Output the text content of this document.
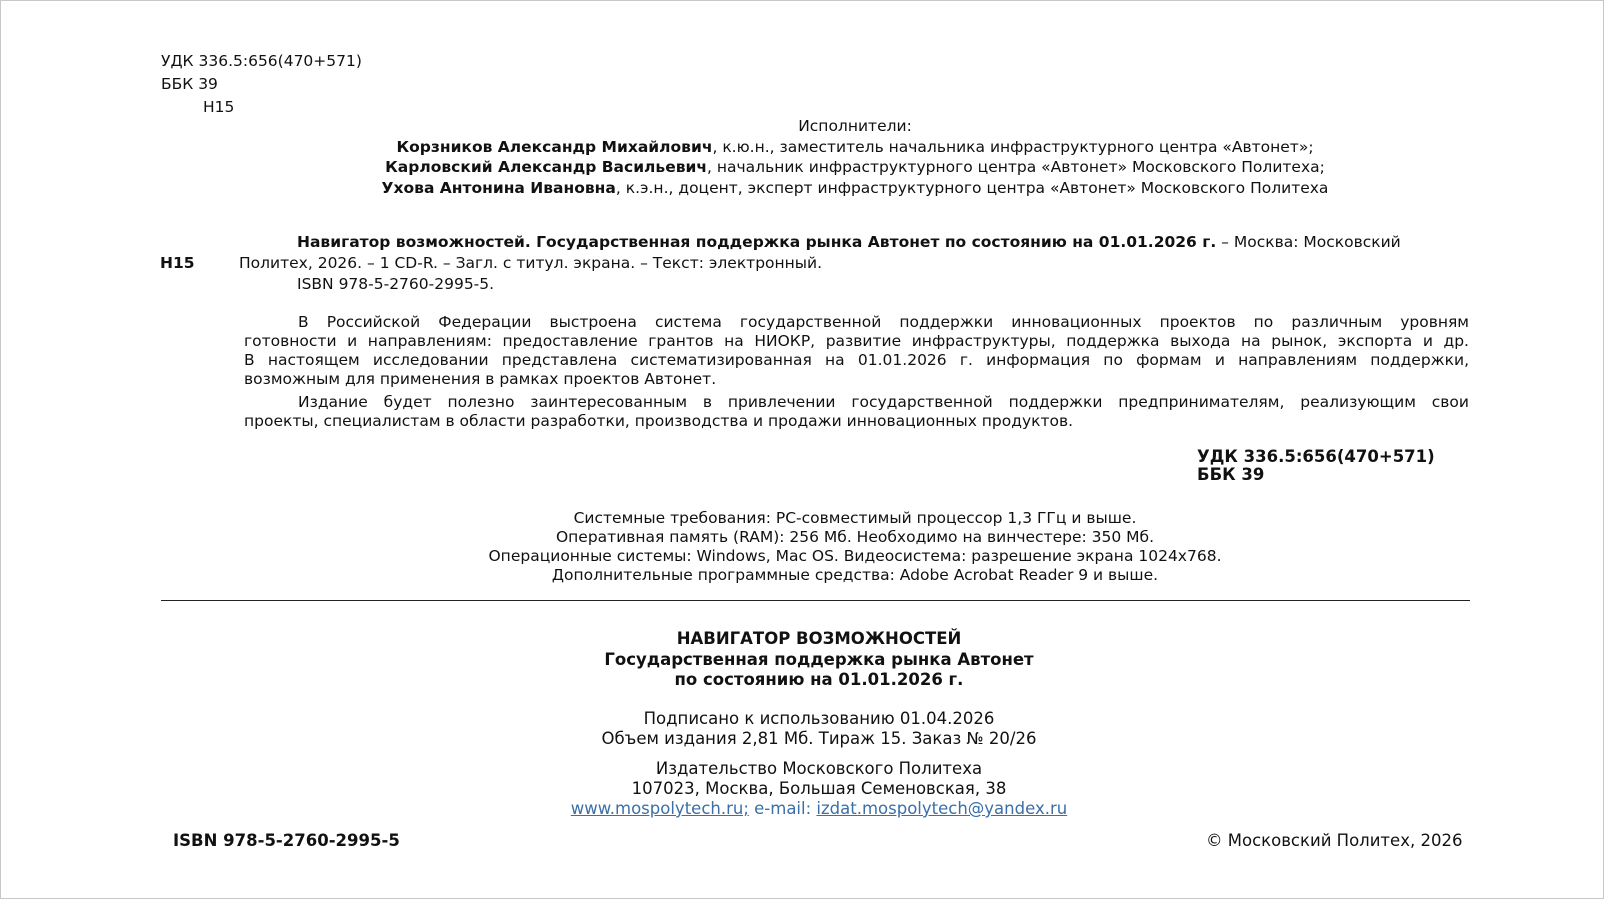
УДК 336.5:656(470+571)
ББК 39
Н15
Исполнители:
Корзников Александр Михайлович, к.ю.н., заместитель начальника инфраструктурного центра «Автонет»;
Карловский Александр Васильевич, начальник инфраструктурного центра «Автонет» Московского Политеха;
Ухова Антонина Ивановна, к.э.н., доцент, эксперт инфраструктурного центра «Автонет» Московского Политеха
Н15
Навигатор возможностей. Государственная поддержка рынка Автонет по состоянию на 01.01.2026 г. – Москва: Московский
Политех, 2026. – 1 CD-R. – Загл. с титул. экрана. – Текст: электронный.
ISBN 978-5-2760-2995-5.
В Российской Федерации выстроена система государственной поддержки инновационных проектов по различным уровням
готовности и направлениям: предоставление грантов на НИОКР, развитие инфраструктуры, поддержка выхода на рынок, экспорта и др.
В настоящем исследовании представлена систематизированная на 01.01.2026 г. информация по формам и направлениям поддержки,
возможным для применения в рамках проектов Автонет.
Издание будет полезно заинтересованным в привлечении государственной поддержки предпринимателям, реализующим свои
проекты, специалистам в области разработки, производства и продажи инновационных продуктов.
УДК 336.5:656(470+571)
ББК 39
Системные требования: PC-совместимый процессор 1,3 ГГц и выше.
Оперативная память (RAM): 256 Мб. Необходимо на винчестере: 350 Мб.
Операционные системы: Windows, Mac OS. Видеосистема: разрешение экрана 1024х768.
Дополнительные программные средства: Adobe Acrobat Reader 9 и выше.
НАВИГАТОР ВОЗМОЖНОСТЕЙ
Государственная поддержка рынка Автонет
по состоянию на 01.01.2026 г.
Подписано к использованию 01.04.2026
Объем издания 2,81 Мб. Тираж 15. Заказ № 20/26
Издательство Московского Политеха
107023, Москва, Большая Семеновская, 38
www.mospolytech.ru; e-mail: izdat.mospolytech@yandex.ru
ISBN 978-5-2760-2995-5	© Московский Политех, 2026
